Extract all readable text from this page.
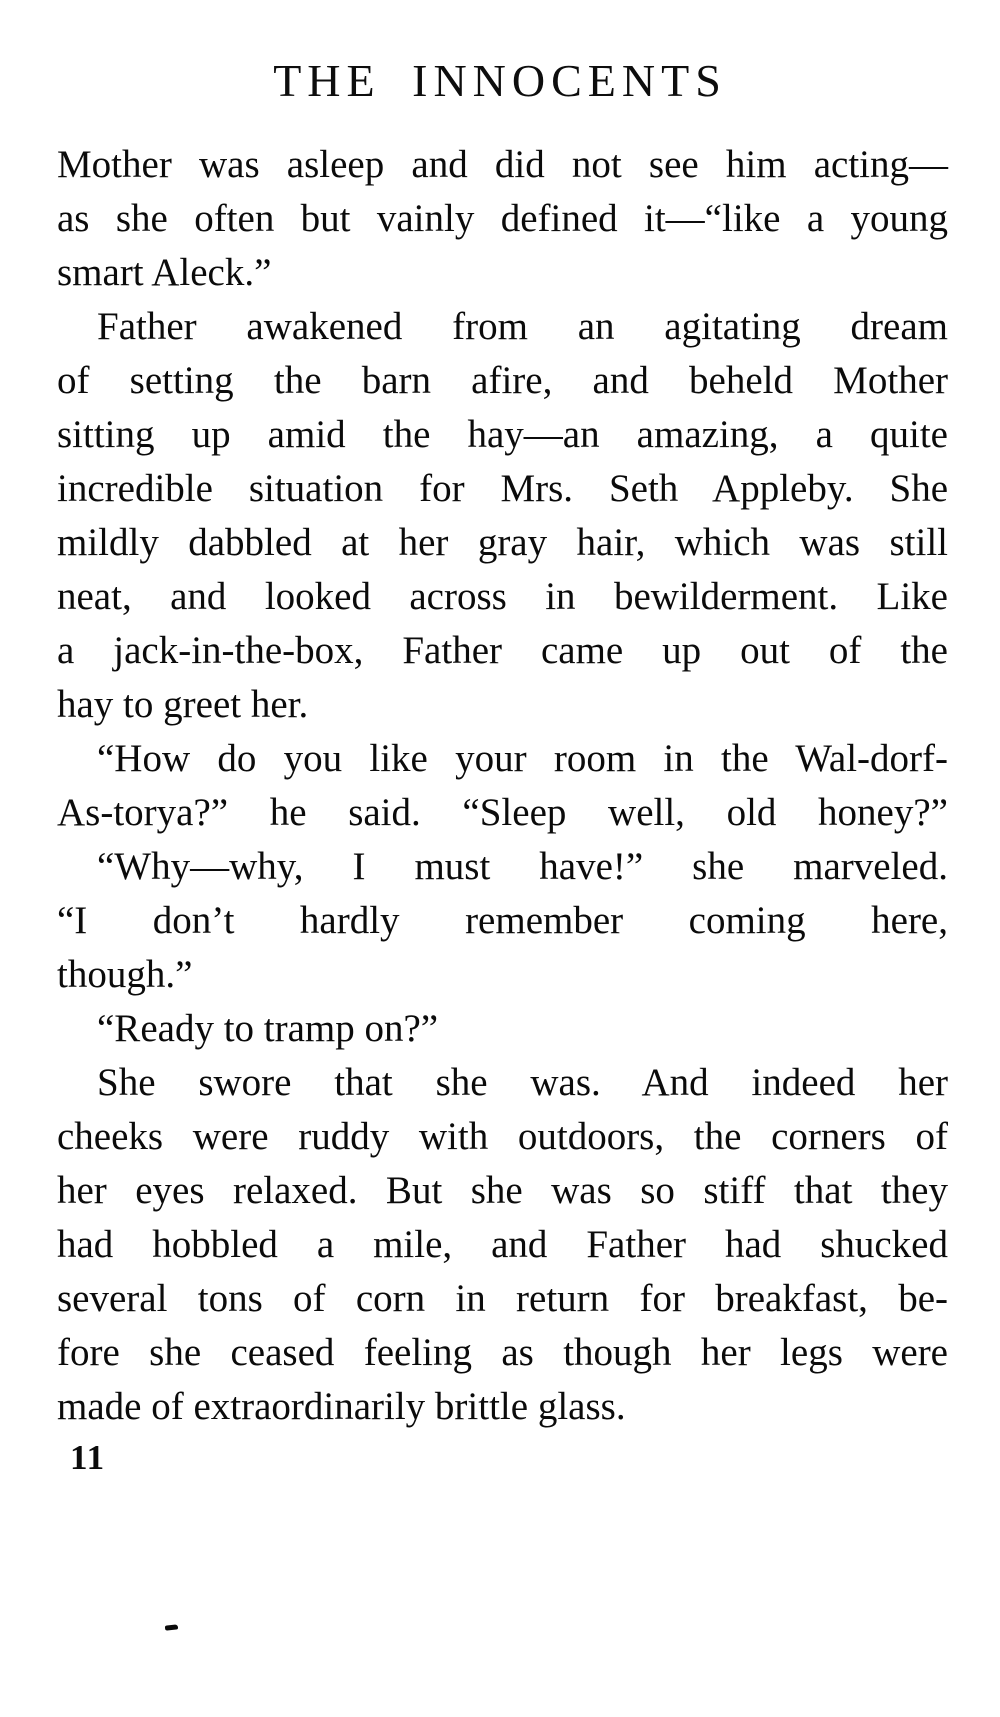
THE INNOCENTS
Mother was asleep and did not see him acting—
as she often but vainly defined it—“like a young
smart Aleck.”
Father awakened from an agitating dream
of setting the barn afire, and beheld Mother
sitting up amid the hay—an amazing, a quite
incredible situation for Mrs. Seth Appleby. She
mildly dabbled at her gray hair, which was still
neat, and looked across in bewilderment. Like
a jack-in-the-box, Father came up out of the
hay to greet her.
“How do you like your room in the Wal-dorf-
As-torya?” he said. “Sleep well, old honey?”
“Why—why, I must have!” she marveled.
“I don’t hardly remember coming here,
though.”
“Ready to tramp on?”
She swore that she was. And indeed her
cheeks were ruddy with outdoors, the corners of
her eyes relaxed. But she was so stiff that they
had hobbled a mile, and Father had shucked
several tons of corn in return for breakfast, be-
fore she ceased feeling as though her legs were
made of extraordinarily brittle glass.
11
